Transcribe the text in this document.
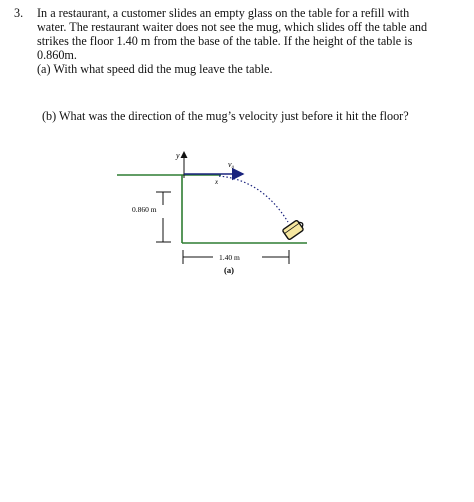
3. In a restaurant, a customer slides an empty glass on the table for a refill with
water. The restaurant waiter does not see the mug, which slides off the table and
strikes the floor 1.40 m from the base of the table. If the height of the table is
0.860m.
(a) With what speed did the mug leave the table.
(b) What was the direction of the mug’s velocity just before it hit the floor?
y
v₀
x
0.860 m
1.40 m
(a)
